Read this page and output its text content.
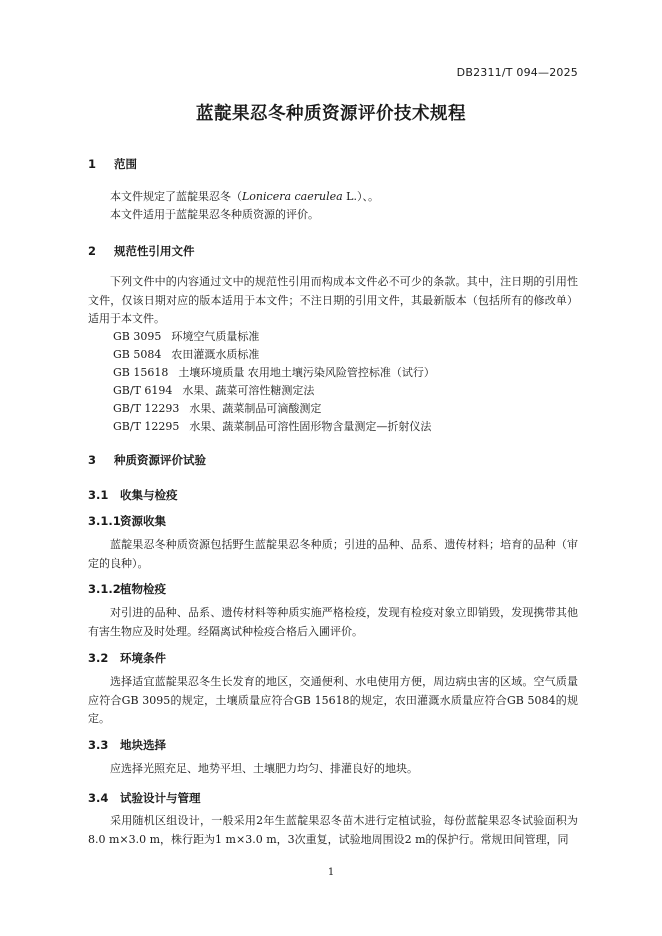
DB2311/T 094—2025
蓝靛果忍冬种质资源评价技术规程
1 范围
本文件规定了蓝靛果忍冬（Lonicera caerulea L.）、。
本文件适用于蓝靛果忍冬种质资源的评价。
2 规范性引用文件
下列文件中的内容通过文中的规范性引用而构成本文件必不可少的条款。其中，注日期的引用性文件，仅该日期对应的版本适用于本文件；不注日期的引用文件，其最新版本（包括所有的修改单）适用于本文件。
GB 3095 环境空气质量标准
GB 5084 农田灌溉水质标准
GB 15618 土壤环境质量 农用地土壤污染风险管控标准（试行）
GB/T 6194 水果、蔬菜可溶性糖测定法
GB/T 12293 水果、蔬菜制品可滴酸测定
GB/T 12295 水果、蔬菜制品可溶性固形物含量测定—折射仪法
3 种质资源评价试验
3.1 收集与检疫
3.1.1资源收集
蓝靛果忍冬种质资源包括野生蓝靛果忍冬种质；引进的品种、品系、遗传材料；培育的品种（审定的良种）。
3.1.2植物检疫
对引进的品种、品系、遗传材料等种质实施严格检疫，发现有检疫对象立即销毁，发现携带其他有害生物应及时处理。经隔离试种检疫合格后入圃评价。
3.2 环境条件
选择适宜蓝靛果忍冬生长发育的地区，交通便利、水电使用方便，周边病虫害的区域。空气质量应符合GB 3095的规定，土壤质量应符合GB 15618的规定，农田灌溉水质量应符合GB 5084的规定。
3.3 地块选择
应选择光照充足、地势平坦、土壤肥力均匀、排灌良好的地块。
3.4 试验设计与管理
采用随机区组设计，一般采用2年生蓝靛果忍冬苗木进行定植试验，每份蓝靛果忍冬试验面积为8.0 m×3.0 m，株行距为1 m×3.0 m，3次重复，试验地周围设2 m的保护行。常规田间管理，同
1
